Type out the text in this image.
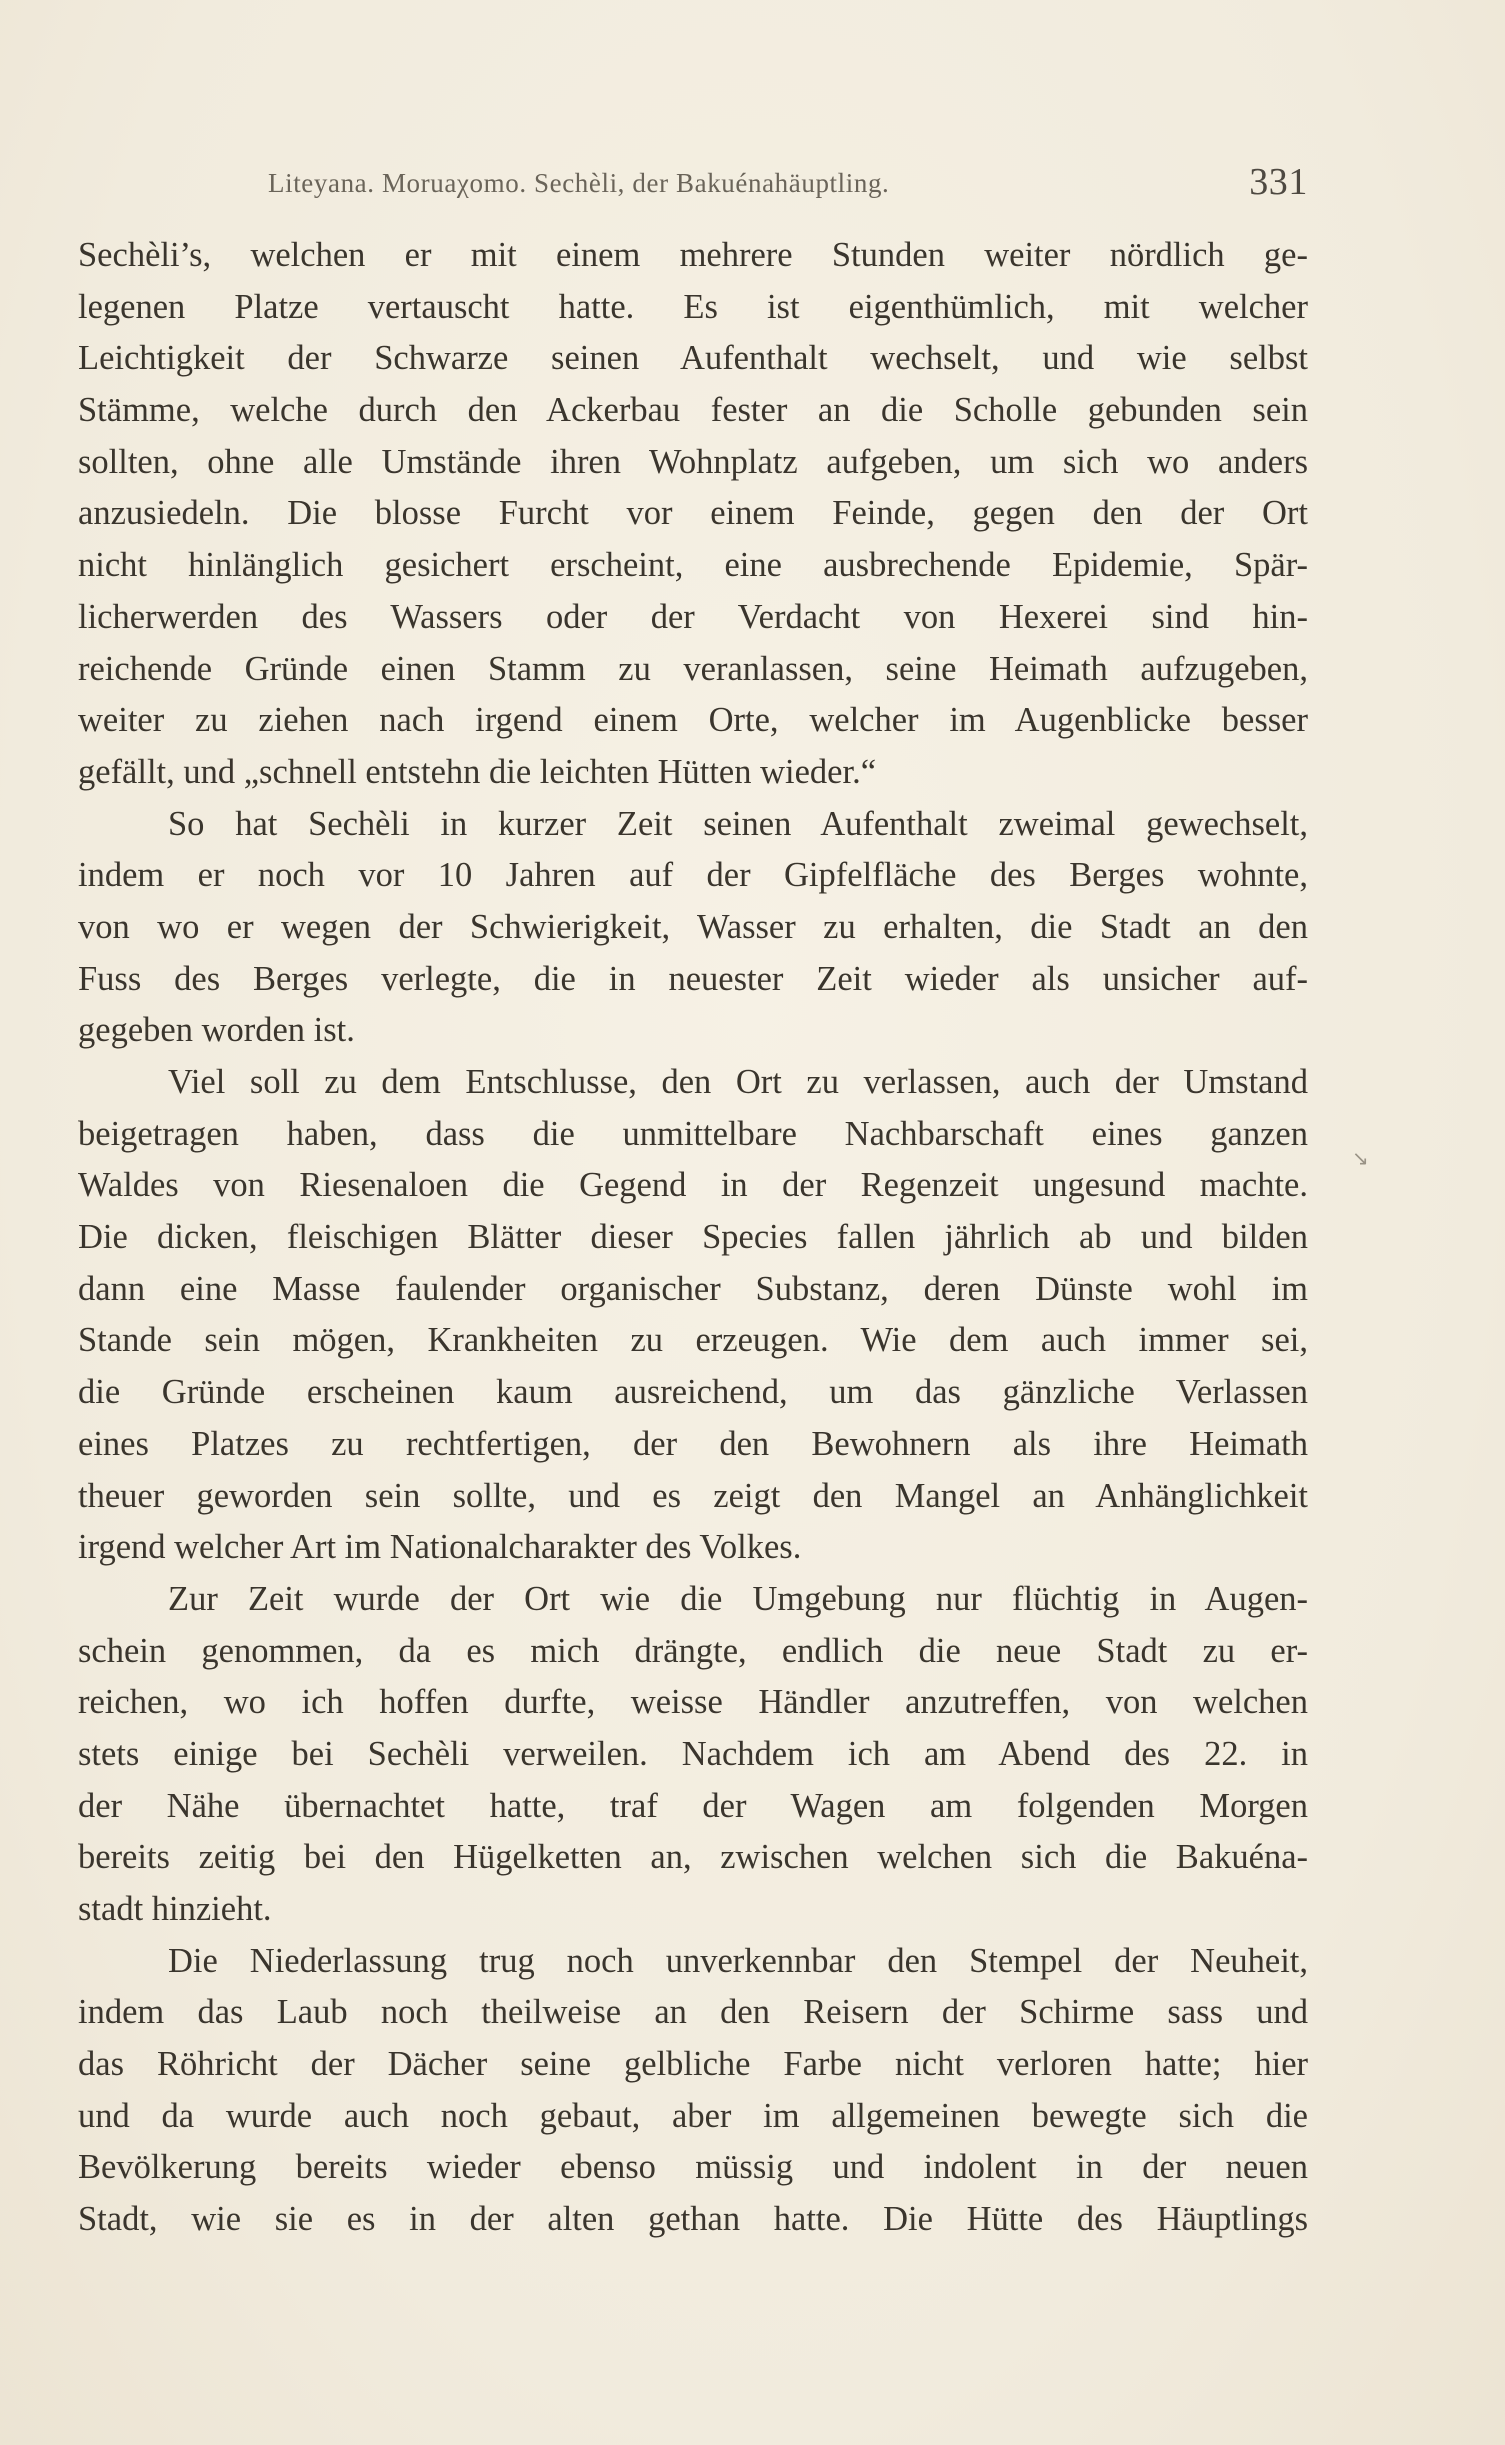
Liteyana. Moruaχomo. Sechèli, der Bakuénahäuptling.	331
↘
Sechèli’s, welchen er mit einem mehrere Stunden weiter nördlich ge-
legenen Platze vertauscht hatte. Es ist eigenthümlich, mit welcher
Leichtigkeit der Schwarze seinen Aufenthalt wechselt, und wie selbst
Stämme, welche durch den Ackerbau fester an die Scholle gebunden sein
sollten, ohne alle Umstände ihren Wohnplatz aufgeben, um sich wo anders
anzusiedeln. Die blosse Furcht vor einem Feinde, gegen den der Ort
nicht hinlänglich gesichert erscheint, eine ausbrechende Epidemie, Spär-
licherwerden des Wassers oder der Verdacht von Hexerei sind hin-
reichende Gründe einen Stamm zu veranlassen, seine Heimath aufzugeben,
weiter zu ziehen nach irgend einem Orte, welcher im Augenblicke besser
gefällt, und „schnell entstehn die leichten Hütten wieder.“
So hat Sechèli in kurzer Zeit seinen Aufenthalt zweimal gewechselt,
indem er noch vor 10 Jahren auf der Gipfelfläche des Berges wohnte,
von wo er wegen der Schwierigkeit, Wasser zu erhalten, die Stadt an den
Fuss des Berges verlegte, die in neuester Zeit wieder als unsicher auf-
gegeben worden ist.
Viel soll zu dem Entschlusse, den Ort zu verlassen, auch der Umstand
beigetragen haben, dass die unmittelbare Nachbarschaft eines ganzen
Waldes von Riesenaloen die Gegend in der Regenzeit ungesund machte.
Die dicken, fleischigen Blätter dieser Species fallen jährlich ab und bilden
dann eine Masse faulender organischer Substanz, deren Dünste wohl im
Stande sein mögen, Krankheiten zu erzeugen. Wie dem auch immer sei,
die Gründe erscheinen kaum ausreichend, um das gänzliche Verlassen
eines Platzes zu rechtfertigen, der den Bewohnern als ihre Heimath
theuer geworden sein sollte, und es zeigt den Mangel an Anhänglichkeit
irgend welcher Art im Nationalcharakter des Volkes.
Zur Zeit wurde der Ort wie die Umgebung nur flüchtig in Augen-
schein genommen, da es mich drängte, endlich die neue Stadt zu er-
reichen, wo ich hoffen durfte, weisse Händler anzutreffen, von welchen
stets einige bei Sechèli verweilen. Nachdem ich am Abend des 22. in
der Nähe übernachtet hatte, traf der Wagen am folgenden Morgen
bereits zeitig bei den Hügelketten an, zwischen welchen sich die Bakuéna-
stadt hinzieht.
Die Niederlassung trug noch unverkennbar den Stempel der Neuheit,
indem das Laub noch theilweise an den Reisern der Schirme sass und
das Röhricht der Dächer seine gelbliche Farbe nicht verloren hatte; hier
und da wurde auch noch gebaut, aber im allgemeinen bewegte sich die
Bevölkerung bereits wieder ebenso müssig und indolent in der neuen
Stadt, wie sie es in der alten gethan hatte. Die Hütte des Häuptlings
